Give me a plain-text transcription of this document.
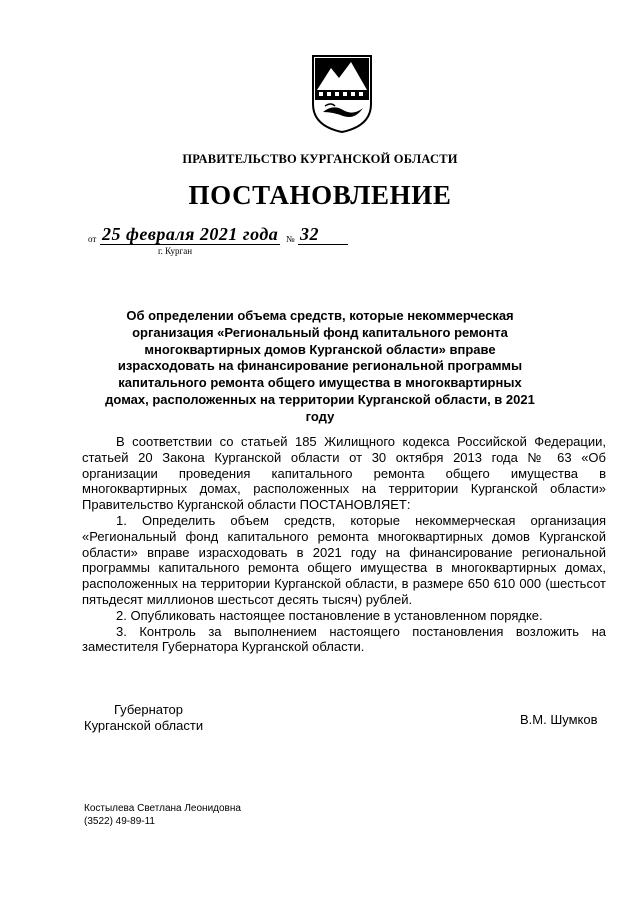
ПРАВИТЕЛЬСТВО КУРГАНСКОЙ ОБЛАСТИ
ПОСТАНОВЛЕНИЕ
от 25 февраля 2021 года № 32
г. Курган
Об определении объема средств, которые некоммерческая организация «Региональный фонд капитального ремонта многоквартирных домов Курганской области» вправе израсходовать на финансирование региональной программы капитального ремонта общего имущества в многоквартирных домах, расположенных на территории Курганской области, в 2021 году

В соответствии со статьей 185 Жилищного кодекса Российской Федерации, статьей 20 Закона Курганской области от 30 октября 2013 года № 63 «Об организации проведения капитального ремонта общего имущества в многоквартирных домах, расположенных на территории Курганской области» Правительство Курганской области ПОСТАНОВЛЯЕТ:

1. Определить объем средств, которые некоммерческая организация «Региональный фонд капитального ремонта многоквартирных домов Курганской области» вправе израсходовать в 2021 году на финансирование региональной программы капитального ремонта общего имущества в многоквартирных домах, расположенных на территории Курганской области, в размере 650 610 000 (шестьсот пятьдесят миллионов шестьсот десять тысяч) рублей.

2. Опубликовать настоящее постановление в установленном порядке.

3. Контроль за выполнением настоящего постановления возложить на заместителя Губернатора Курганской области.

Губернатор
Курганской области	В.М. Шумков
Костылева Светлана Леонидовна
(3522) 49-89-11
